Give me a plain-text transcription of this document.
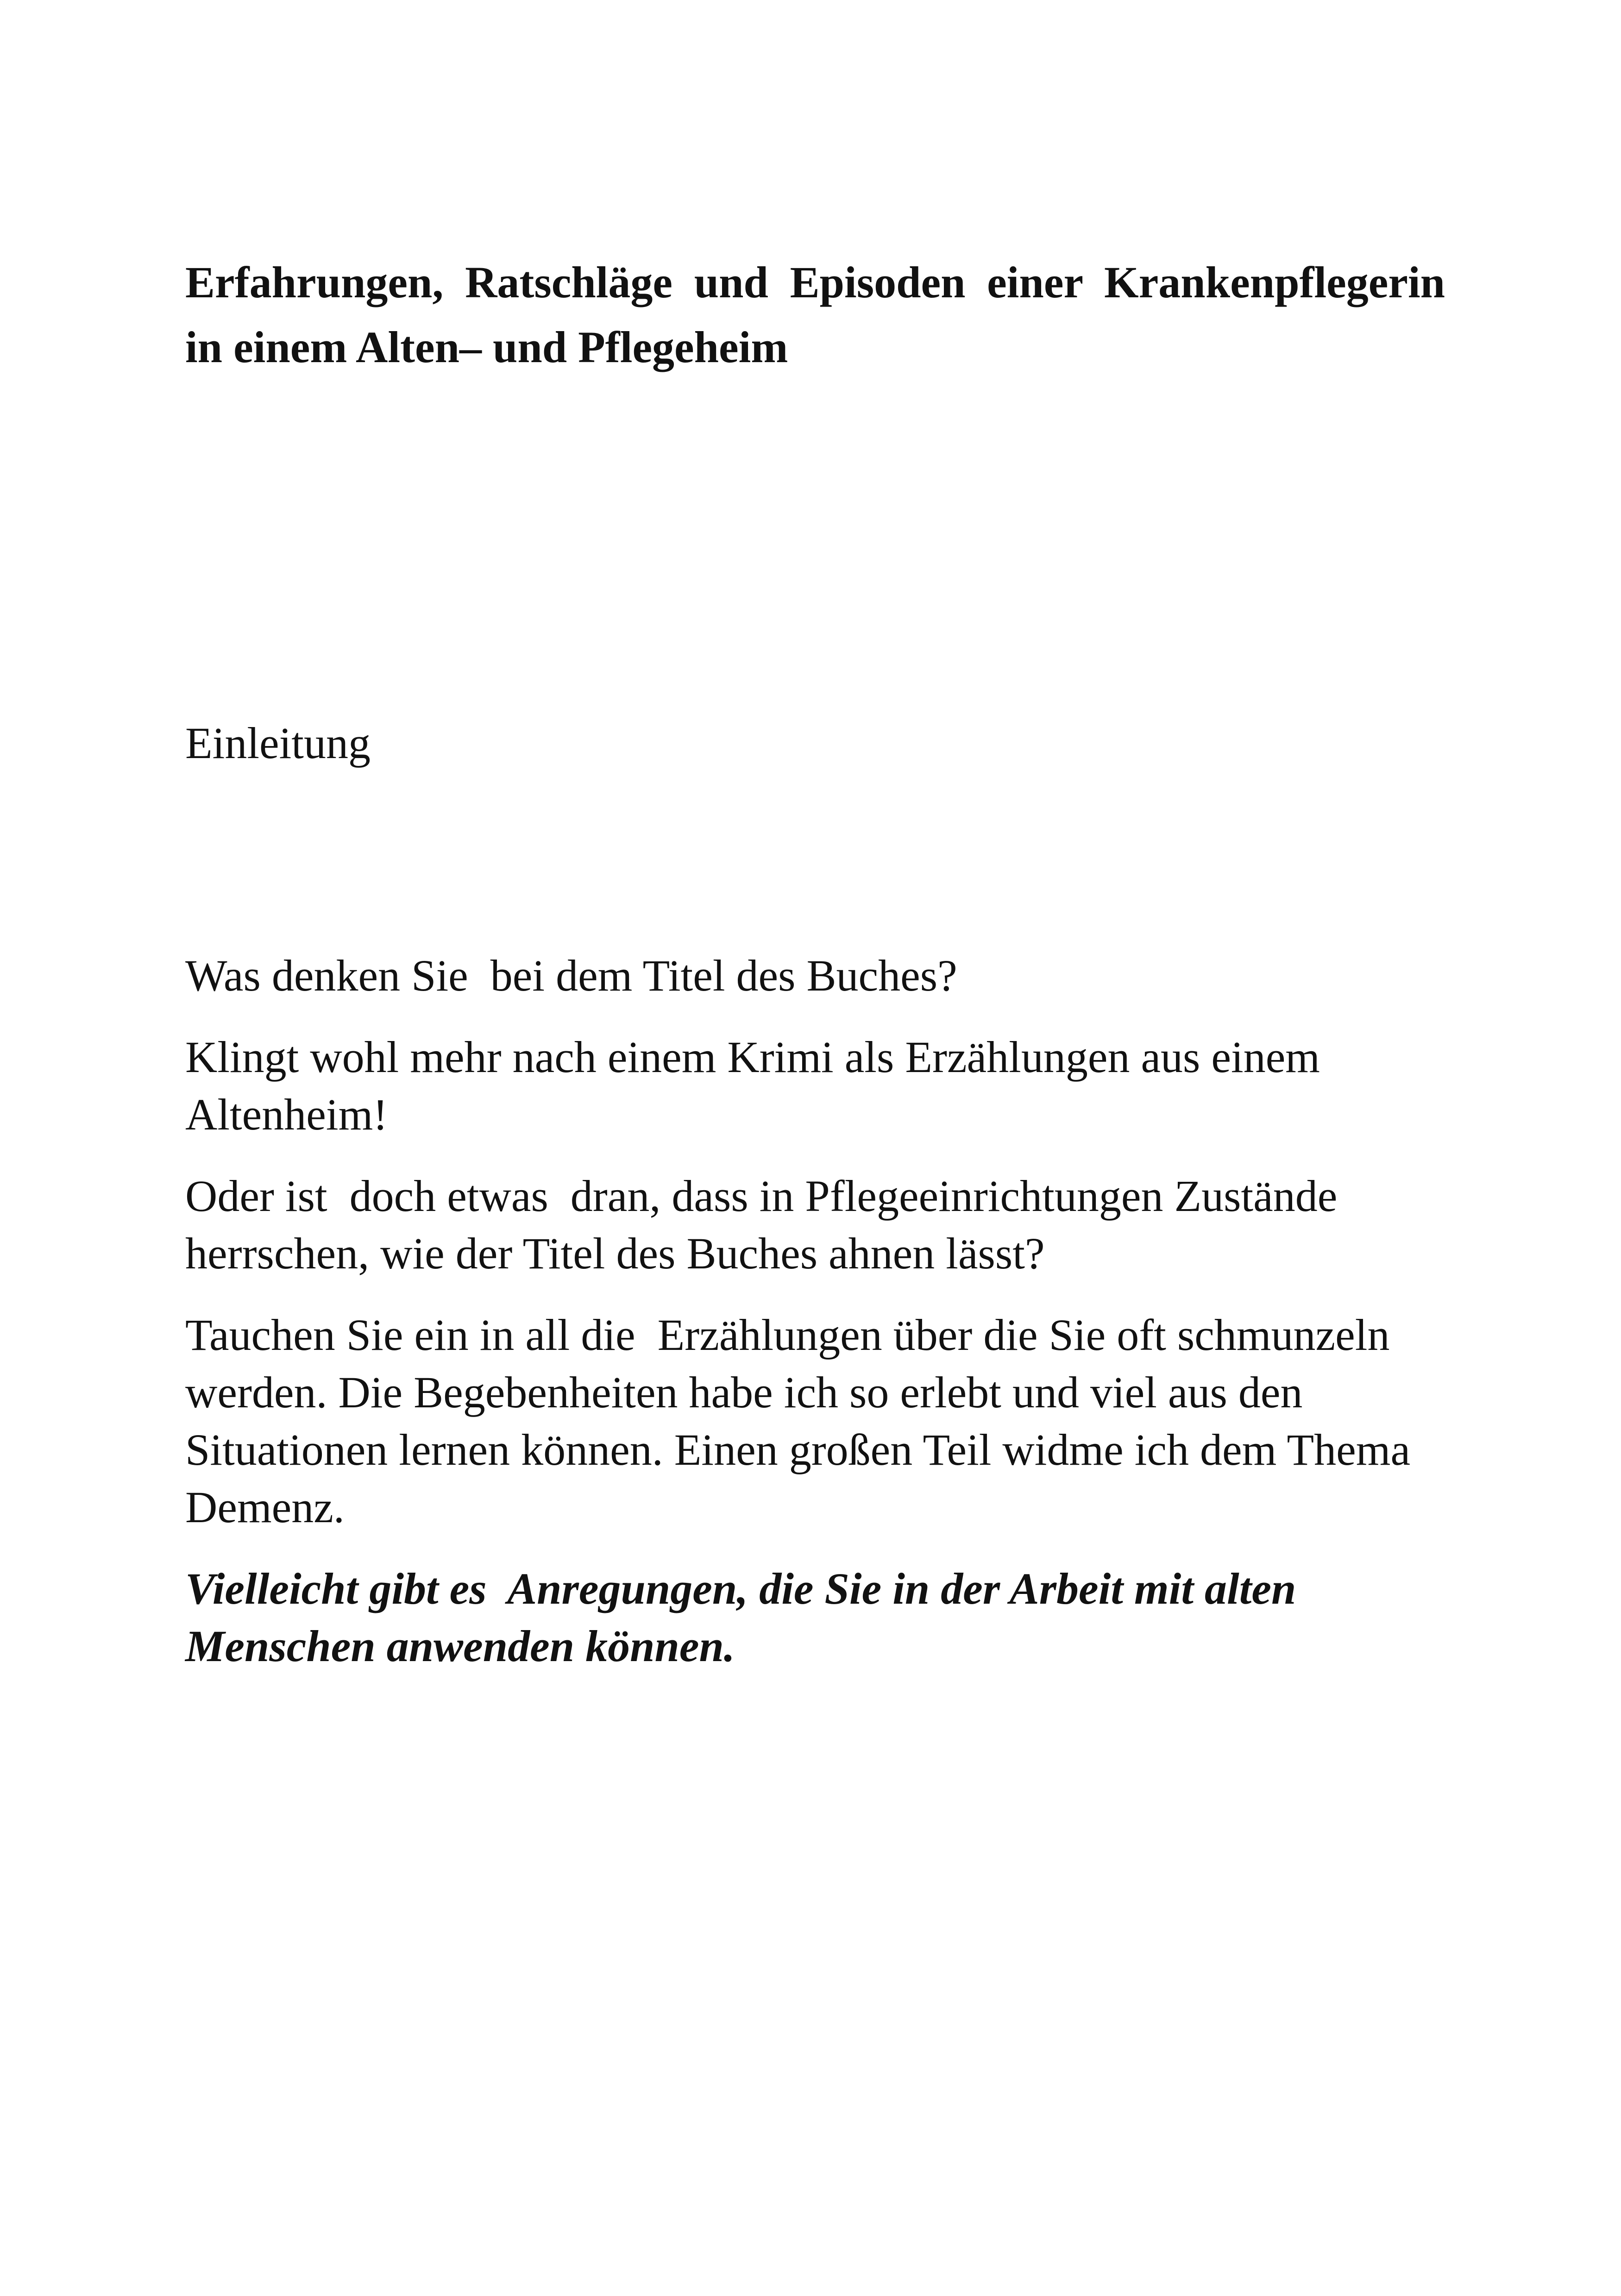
Erfahrungen, Ratschläge und Episoden einer Krankenpflegerin
in einem Alten– und Pflegeheim
Einleitung

Was denken Sie  bei dem Titel des Buches?

Klingt wohl mehr nach einem Krimi als Erzählungen aus einem Altenheim!

Oder ist  doch etwas  dran, dass in Pflegeeinrichtungen Zustände herrschen, wie der Titel des Buches ahnen lässt?

Tauchen Sie ein in all die  Erzählungen über die Sie oft schmunzeln werden. Die Begebenheiten habe ich so erlebt und viel aus den Situationen lernen können. Einen großen Teil widme ich dem Thema Demenz.

Vielleicht gibt es  Anregungen, die Sie in der Arbeit mit alten Menschen anwenden können.
